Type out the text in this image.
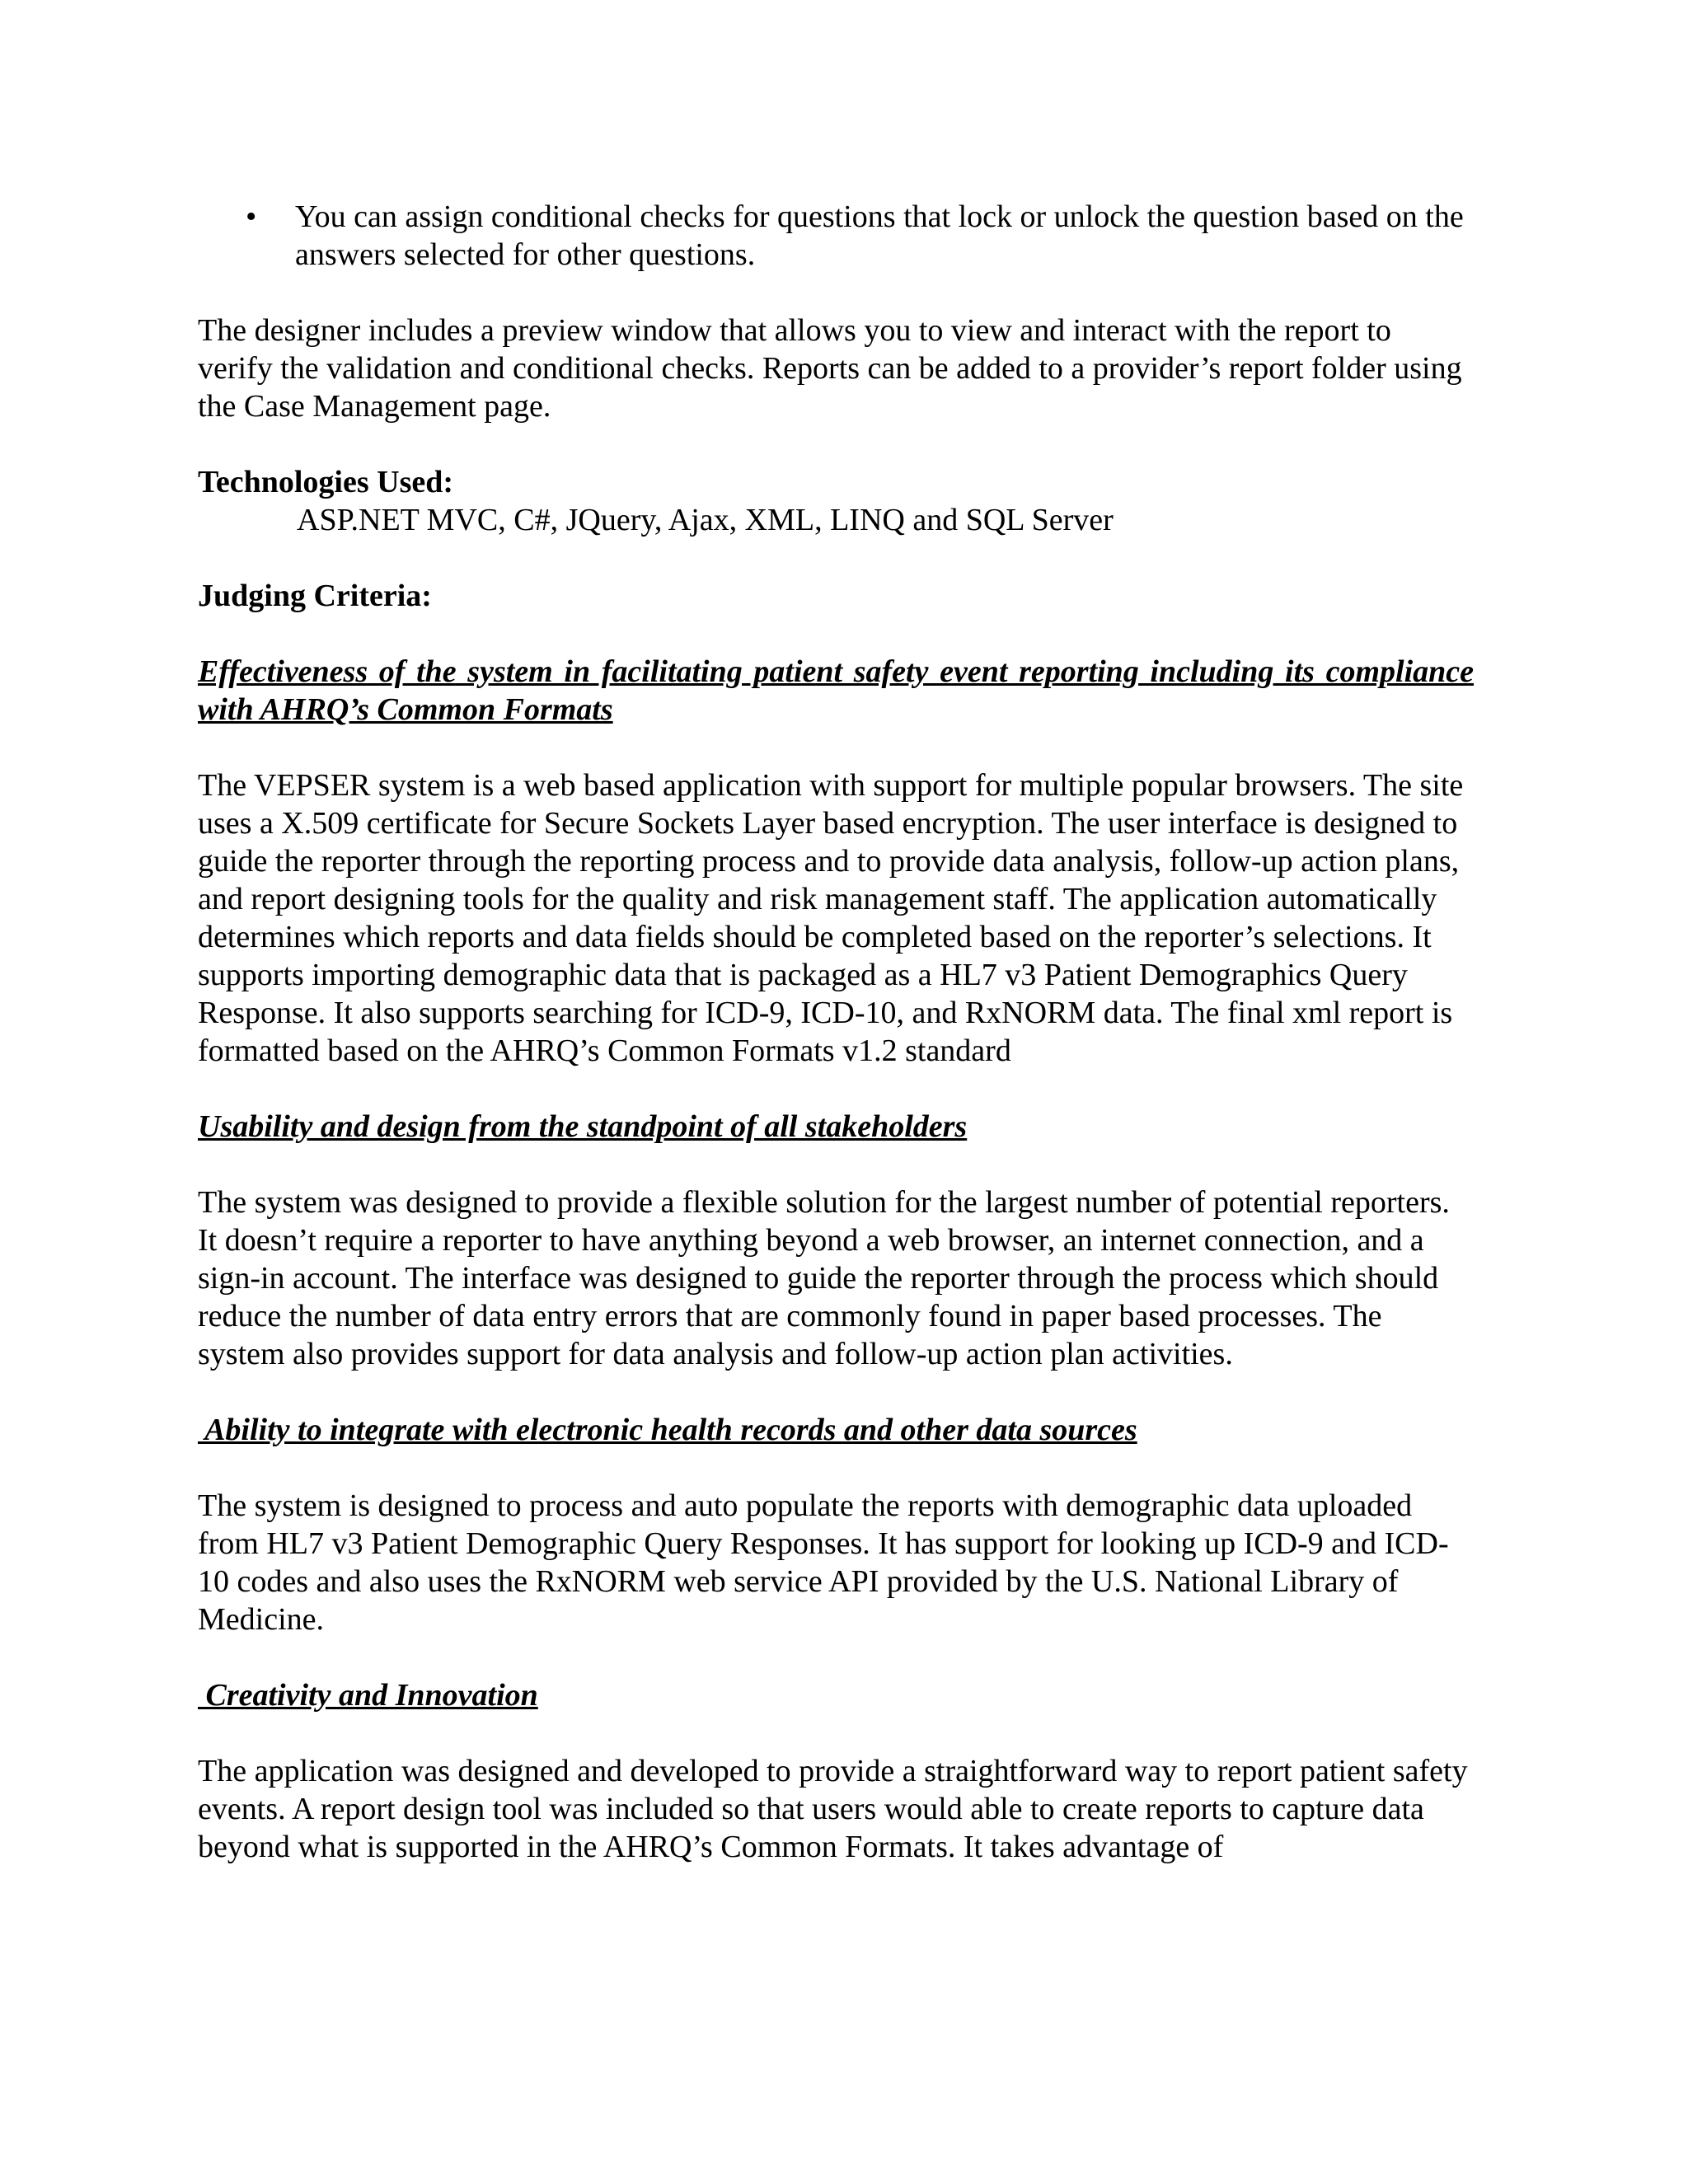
•	You can assign conditional checks for questions that lock or unlock the question based on the answers selected for other questions.

The designer includes a preview window that allows you to view and interact with the report to verify the validation and conditional checks. Reports can be added to a provider’s report folder using the Case Management page.

Technologies Used:

ASP.NET MVC, C#, JQuery, Ajax, XML, LINQ and SQL Server

Judging Criteria:

Effectiveness of the system in facilitating patient safety event reporting including its compliance with AHRQ’s Common Formats

The VEPSER system is a web based application with support for multiple popular browsers. The site uses a X.509 certificate for Secure Sockets Layer based encryption. The user interface is designed to guide the reporter through the reporting process and to provide data analysis, follow-up action plans, and report designing tools for the quality and risk management staff. The application automatically determines which reports and data fields should be completed based on the reporter’s selections. It supports importing demographic data that is packaged as a HL7 v3 Patient Demographics Query Response. It also supports searching for ICD-9, ICD-10, and RxNORM data. The final xml report is formatted based on the AHRQ’s Common Formats v1.2 standard

Usability and design from the standpoint of all stakeholders

The system was designed to provide a flexible solution for the largest number of potential reporters. It doesn’t require a reporter to have anything beyond a web browser, an internet connection, and a sign-in account. The interface was designed to guide the reporter through the process which should reduce the number of data entry errors that are commonly found in paper based processes. The system also provides support for data analysis and follow-up action plan activities.

Ability to integrate with electronic health records and other data sources

The system is designed to process and auto populate the reports with demographic data uploaded from HL7 v3 Patient Demographic Query Responses. It has support for looking up ICD-9 and ICD-10 codes and also uses the RxNORM web service API provided by the U.S. National Library of Medicine.

Creativity and Innovation

The application was designed and developed to provide a straightforward way to report patient safety events. A report design tool was included so that users would able to create reports to capture data beyond what is supported in the AHRQ’s Common Formats. It takes advantage of
